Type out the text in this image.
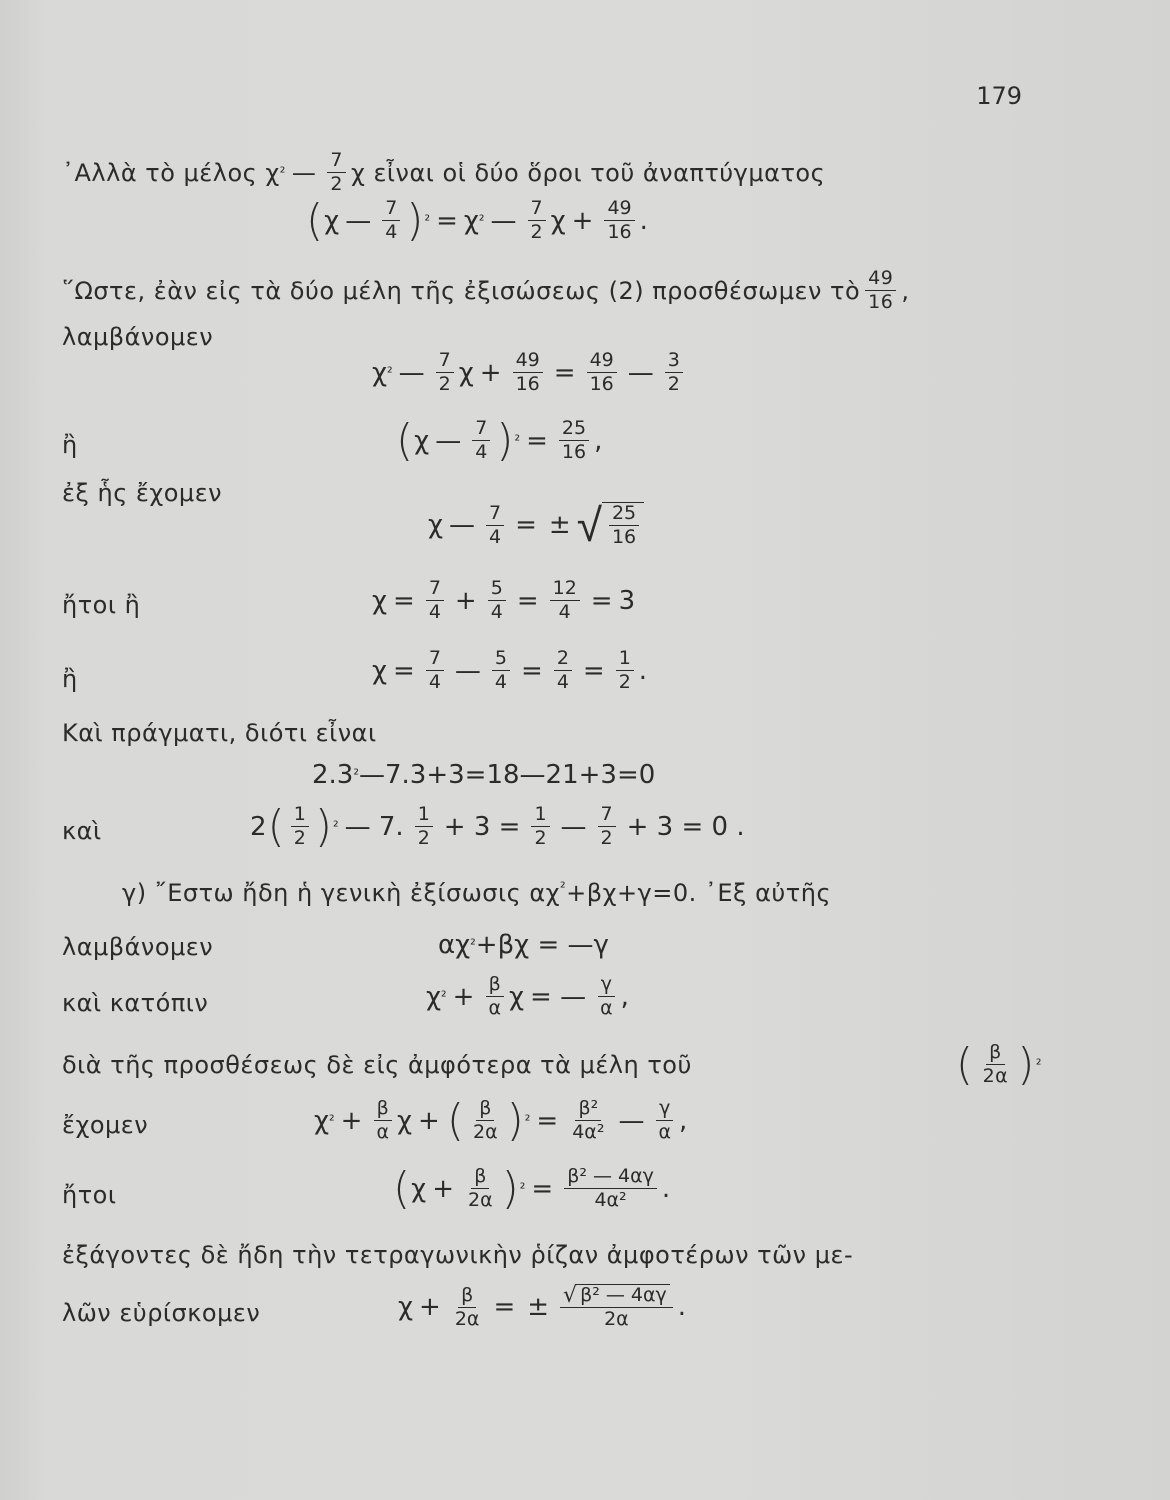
179
᾿Αλλὰ τὸ μέλος χ ² — $\frac{7}{2}$ χ εἶναι οἱ δύο ὅροι τοῦ ἀναπτύγματος
( χ — $\frac{7}{4}$ ) ² = χ ² — $\frac{7}{2}$ $\chi + \frac{49}{16}$ .
῞Ωστε, ἐὰν εἰς τὰ δύο μέλη τῆς ἐξισώσεως (2) προσθέσωμεν τὸ $\frac{49}{16}$ ,
λαμβάνομεν
χ ² — $\frac{7}{2}$ $\chi + \frac{49}{16} = \frac{49}{16}$ — $\frac{3}{2}$
ἢ	( χ — $\frac{7}{4}$ ) $^2 = \frac{25}{16}$ ,
ἐξ ἧς ἔχομεν
χ — $\frac{7}{4}$ = ± √ $\frac{25}{16}$
ἤτοι ἢ	$\chi = \frac{7}{4} + \frac{5}{4} = \frac{12}{4} = 3$
ἢ	$\chi = \frac{7}{4}$ — $\frac{5}{4} = \frac{2}{4} = \frac{1}{2}$ .
Καὶ πράγματι, διότι εἶναι
2.3 ² —7.3+3=18—21+3=0
καὶ	2 ( $\frac{1}{2}$ ) ² — 7. $\frac{1}{2} + 3 = \frac{1}{2}$ — $\frac{7}{2} + 3 = 0$ .
γ) ῎Εστω ἤδη ἡ γενικὴ ἐξίσωσις $\alpha\chi^{^2}+\beta\chi+\gamma=0$. ᾿Εξ αὐτῆς
λαμβάνομεν	αχ ² +βχ = —γ
καὶ κατόπιν	χ $^2 + \frac{\beta}{\alpha}$ χ = — $\frac{\gamma}{\alpha}$ ,
διὰ τῆς προσθέσεως δὲ εἰς ἀμφότερα τὰ μέλη τοῦ	( $\frac{\beta}{2\alpha}$ ) ²
ἔχομεν	χ $^2 + \frac{\beta}{\alpha}$ χ + ( $\frac{\beta}{2\alpha}$ ) $^2 = \frac{\text{β²}}{\text{4α²}}$ — $\frac{\gamma}{\alpha}$ ,
ἤτοι	( $\chi + \frac{\beta}{2\alpha}$ ) $^2 = \frac{\text{β² — 4αγ}}{\text{4α²}}$ .
ἐξάγοντες δὲ ἤδη τὴν τετραγωνικὴν ῥίζαν ἀμφοτέρων τῶν με-
λῶν εὑρίσκομεν	$\chi + \frac{\beta}{2\alpha}$ = ± $\frac{\text{√ β² — 4αγ}}{2\alpha}$ .
